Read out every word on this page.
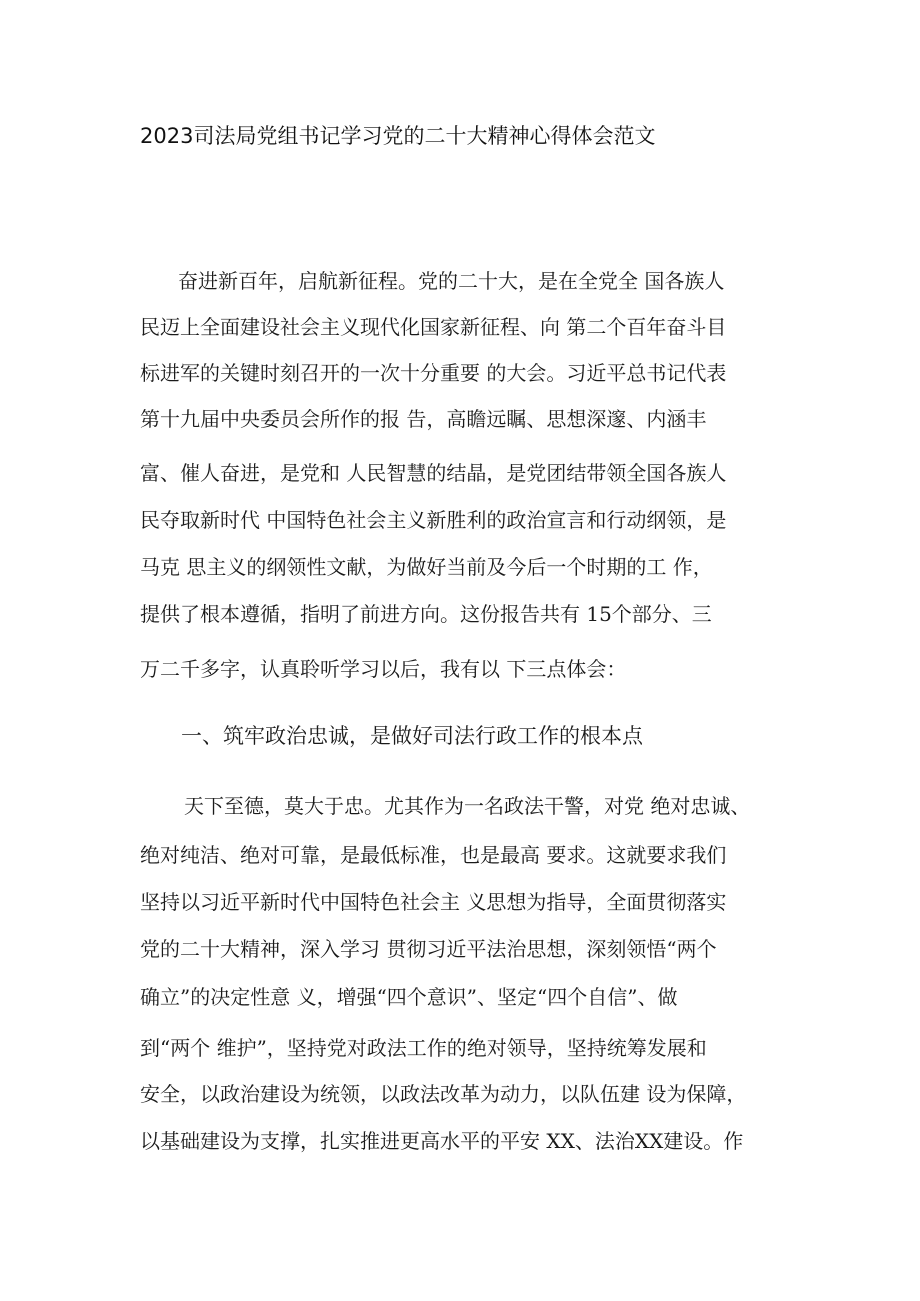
2023司法局党组书记学习党的二十大精神心得体会范文
奋进新百年，启航新征程。党的二十大，是在全党全 国各族人
民迈上全面建设社会主义现代化国家新征程、向 第二个百年奋斗目
标进军的关键时刻召开的一次十分重要 的大会。习近平总书记代表
第十九届中央委员会所作的报 告，高瞻远瞩、思想深邃、内涵丰
富、催人奋进，是党和 人民智慧的结晶，是党团结带领全国各族人
民夺取新时代 中国特色社会主义新胜利的政治宣言和行动纲领，是
马克 思主义的纲领性文献，为做好当前及今后一个时期的工 作，
提供了根本遵循，指明了前进方向。这份报告共有 15个部分、三
万二千多字，认真聆听学习以后，我有以 下三点体会：
一、筑牢政治忠诚，是做好司法行政工作的根本点
天下至德，莫大于忠。尤其作为一名政法干警，对党 绝对忠诚、
绝对纯洁、绝对可靠，是最低标准，也是最高 要求。这就要求我们
坚持以习近平新时代中国特色社会主 义思想为指导，全面贯彻落实
党的二十大精神，深入学习 贯彻习近平法治思想，深刻领悟“两个
确立”的决定性意 义，增强“四个意识”、坚定“四个自信”、做
到“两个 维护”，坚持党对政法工作的绝对领导，坚持统筹发展和
安全，以政治建设为统领，以政法改革为动力，以队伍建 设为保障，
以基础建设为支撑，扎实推进更高水平的平安 XX、法治XX建设。作
